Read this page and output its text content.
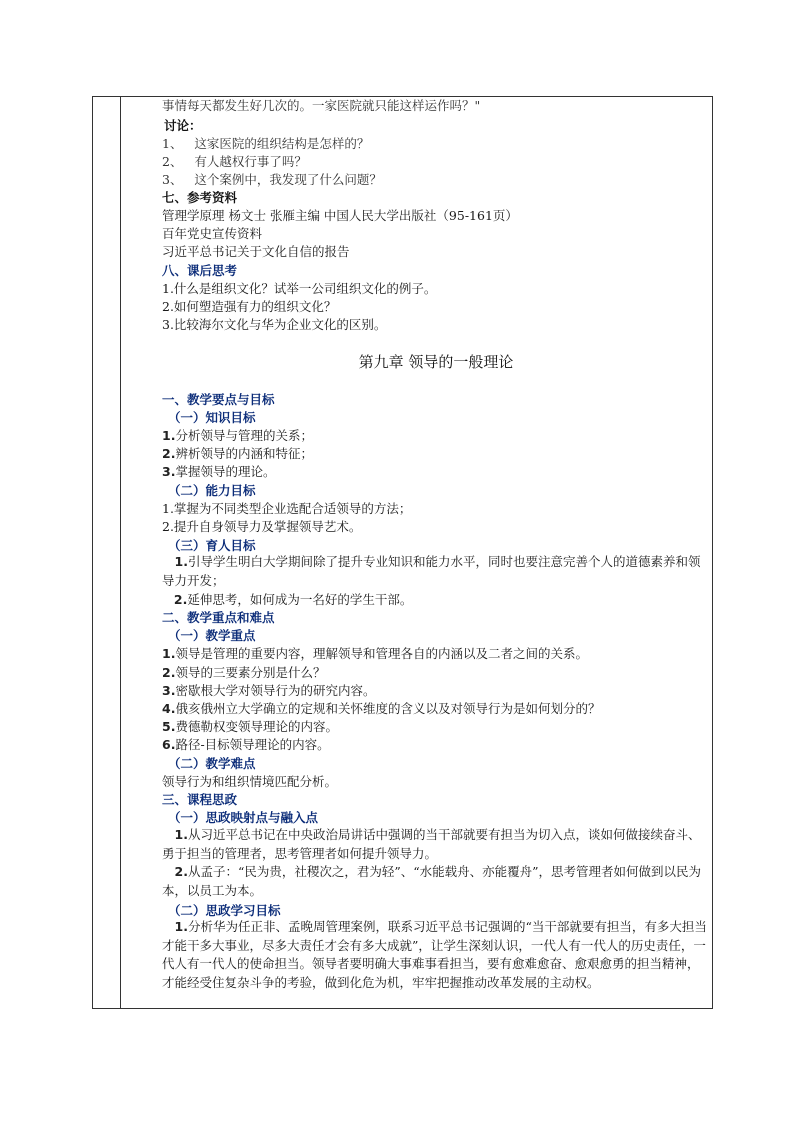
事情每天都发生好几次的。一家医院就只能这样运作吗？"
讨论：
1、 这家医院的组织结构是怎样的？
2、 有人越权行事了吗？
3、 这个案例中，我发现了什么问题？
七、参考资料
管理学原理 杨文士 张雁主编 中国人民大学出版社（95-161页）
百年党史宣传资料
习近平总书记关于文化自信的报告
八、课后思考
1.什么是组织文化？试举一公司组织文化的例子。
2.如何塑造强有力的组织文化？
3.比较海尔文化与华为企业文化的区别。
第九章 领导的一般理论
一、教学要点与目标
（一）知识目标
1.分析领导与管理的关系；
2.辨析领导的内涵和特征；
3.掌握领导的理论。
（二）能力目标
1.掌握为不同类型企业选配合适领导的方法；
2.提升自身领导力及掌握领导艺术。
（三）育人目标
1.引导学生明白大学期间除了提升专业知识和能力水平，同时也要注意完善个人的道德素养和领导力开发；
2.延伸思考，如何成为一名好的学生干部。
二、教学重点和难点
（一）教学重点
1.领导是管理的重要内容，理解领导和管理各自的内涵以及二者之间的关系。
2.领导的三要素分别是什么？
3.密歇根大学对领导行为的研究内容。
4.俄亥俄州立大学确立的定规和关怀维度的含义以及对领导行为是如何划分的？
5.费德勒权变领导理论的内容。
6.路径-目标领导理论的内容。
（二）教学难点
领导行为和组织情境匹配分析。
三、课程思政
（一）思政映射点与融入点
1.从习近平总书记在中央政治局讲话中强调的当干部就要有担当为切入点，谈如何做接续奋斗、勇于担当的管理者，思考管理者如何提升领导力。
2.从孟子：“民为贵，社稷次之，君为轻”、“水能载舟、亦能覆舟”，思考管理者如何做到以民为本，以员工为本。
（二）思政学习目标
1.分析华为任正非、孟晚周管理案例，联系习近平总书记强调的“当干部就要有担当，有多大担当才能干多大事业，尽多大责任才会有多大成就”，让学生深刻认识，一代人有一代人的历史责任，一代人有一代人的使命担当。领导者要明确大事难事看担当，要有愈难愈奋、愈艰愈勇的担当精神，才能经受住复杂斗争的考验，做到化危为机，牢牢把握推动改革发展的主动权。
